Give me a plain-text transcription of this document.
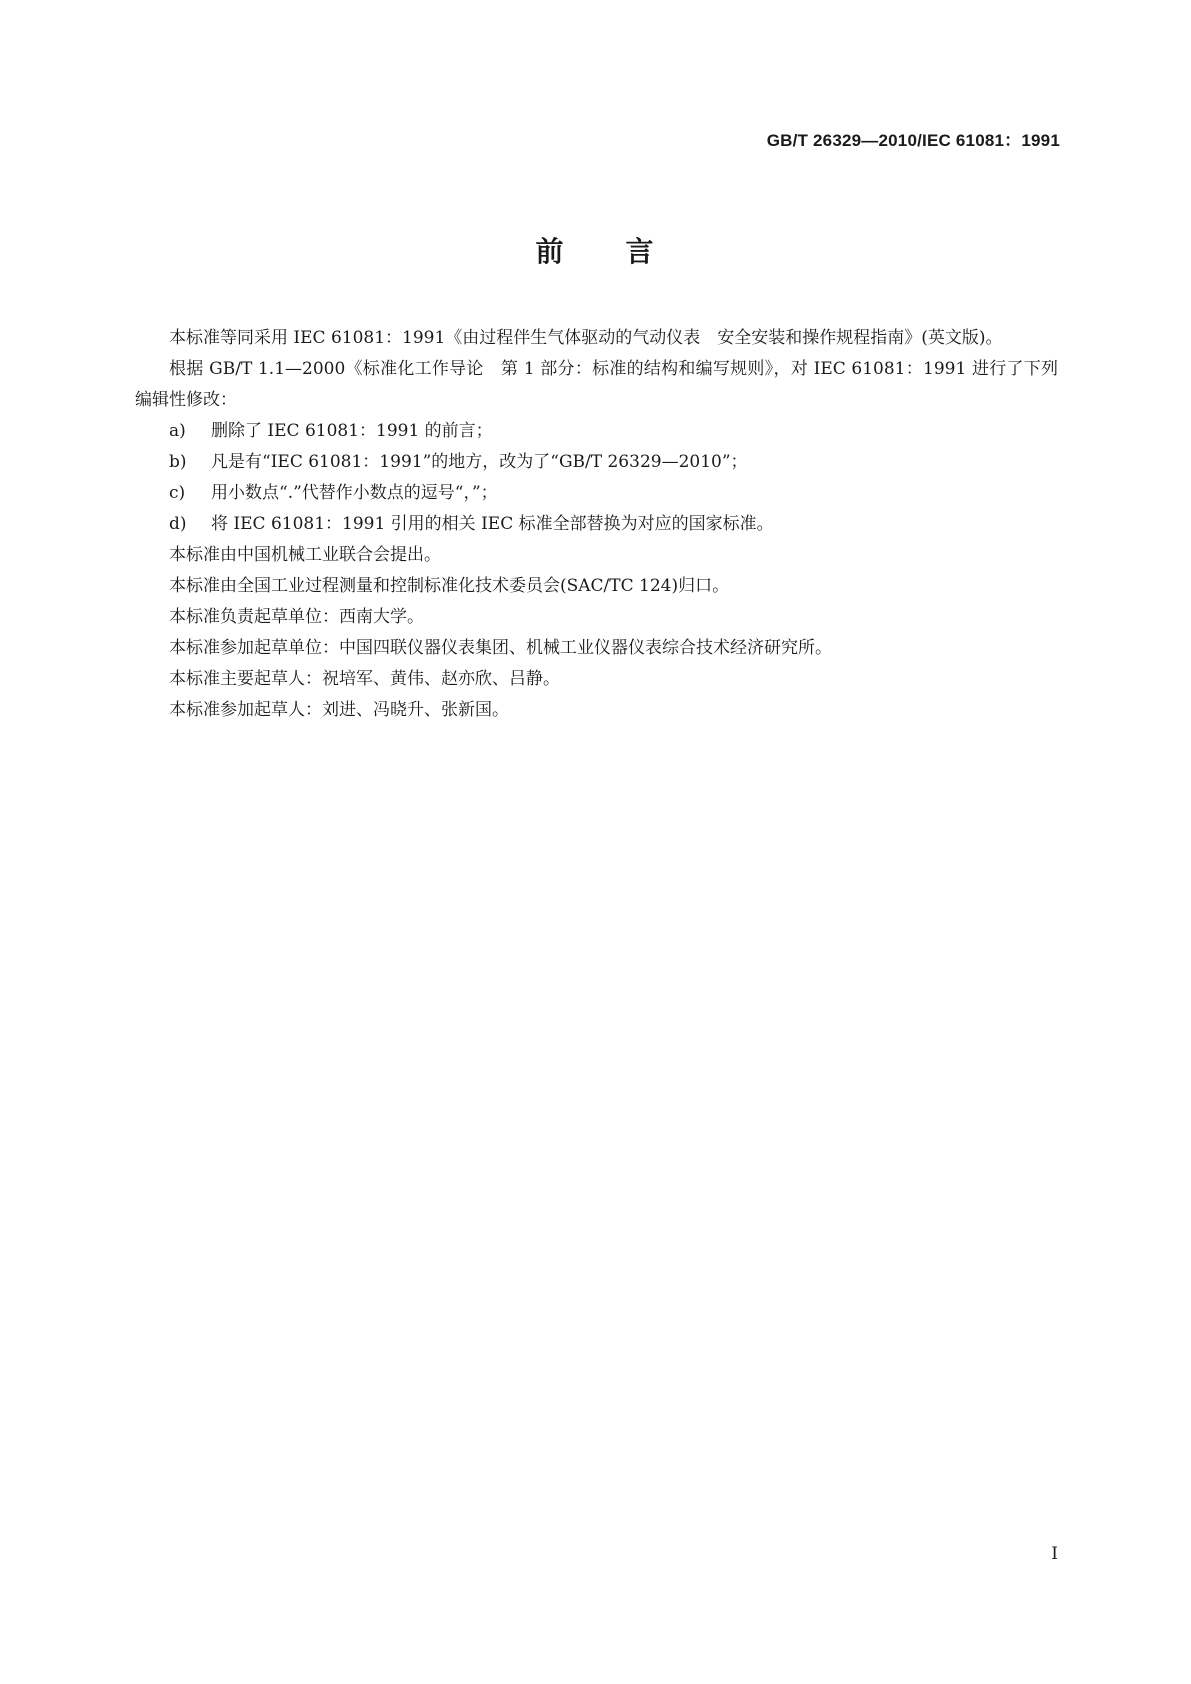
GB/T 26329—2010/IEC 61081：1991
前　　言

本标准等同采用 IEC 61081：1991《由过程伴生气体驱动的气动仪表　安全安装和操作规程指南》(英文版)。

根据 GB/T 1.1—2000《标准化工作导论　第 1 部分：标准的结构和编写规则》，对 IEC 61081：1991 进行了下列编辑性修改：

a)	删除了 IEC 61081：1991 的前言；
b)	凡是有“IEC 61081：1991”的地方，改为了“GB/T 26329—2010”；
c)	用小数点“.”代替作小数点的逗号“，”；
d)	将 IEC 61081：1991 引用的相关 IEC 标准全部替换为对应的国家标准。

本标准由中国机械工业联合会提出。

本标准由全国工业过程测量和控制标准化技术委员会(SAC/TC 124)归口。

本标准负责起草单位：西南大学。

本标准参加起草单位：中国四联仪器仪表集团、机械工业仪器仪表综合技术经济研究所。

本标准主要起草人：祝培军、黄伟、赵亦欣、吕静。

本标准参加起草人：刘进、冯晓升、张新国。

I
